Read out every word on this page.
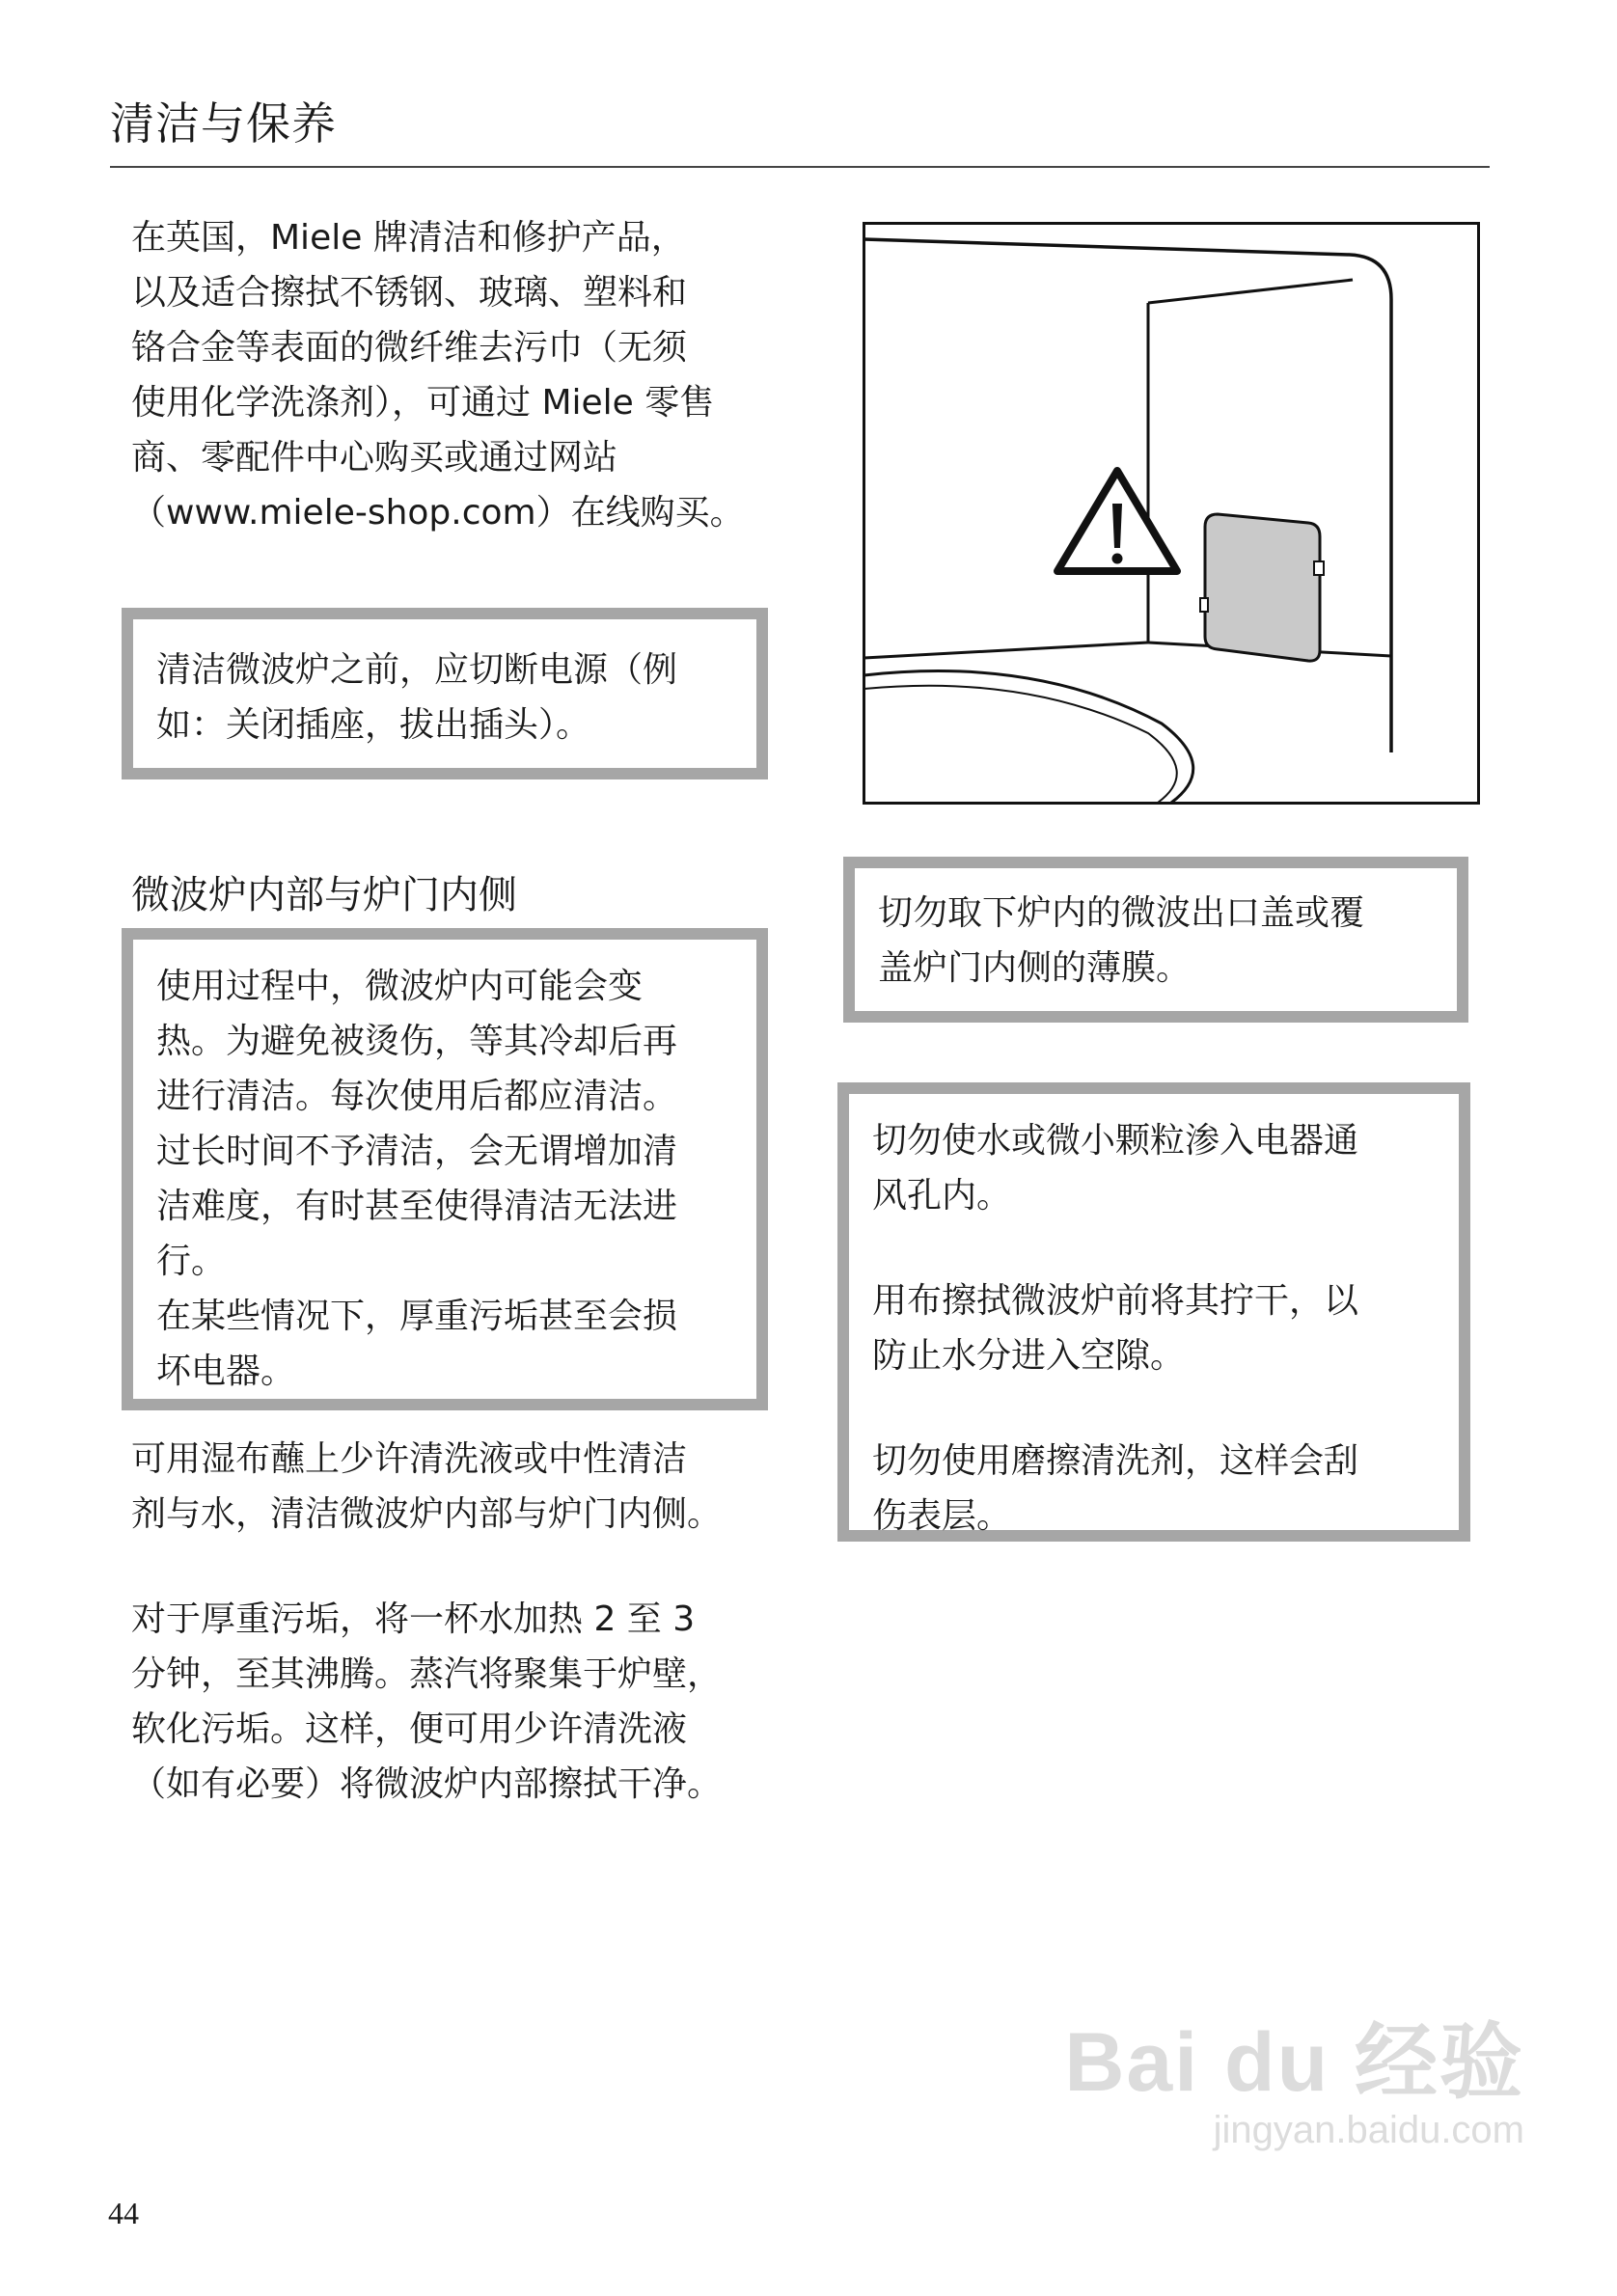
清洁与保养

在英国，Miele 牌清洁和修护产品，

以及适合擦拭不锈钢、玻璃、塑料和

铬合金等表面的微纤维去污巾（无须

使用化学洗涤剂），可通过 Miele 零售

商、零配件中心购买或通过网站

（www.miele-shop.com）在线购买。

清洁微波炉之前，应切断电源（例

如：关闭插座，拔出插头）。

微波炉内部与炉门内侧

使用过程中，微波炉内可能会变

热。为避免被烫伤，等其冷却后再

进行清洁。每次使用后都应清洁。

过长时间不予清洁，会无谓增加清

洁难度，有时甚至使得清洁无法进

行。

在某些情况下，厚重污垢甚至会损

坏电器。

可用湿布蘸上少许清洗液或中性清洁

剂与水，清洁微波炉内部与炉门内侧。

对于厚重污垢，将一杯水加热 2 至 3

分钟，至其沸腾。蒸汽将聚集于炉壁，

软化污垢。这样，便可用少许清洗液

（如有必要）将微波炉内部擦拭干净。

切勿取下炉内的微波出口盖或覆

盖炉门内侧的薄膜。

切勿使水或微小颗粒渗入电器通

风孔内。

用布擦拭微波炉前将其拧干，以

防止水分进入空隙。

切勿使用磨擦清洗剂，这样会刮

伤表层。

44
Bai du 经验
jingyan.baidu.com
